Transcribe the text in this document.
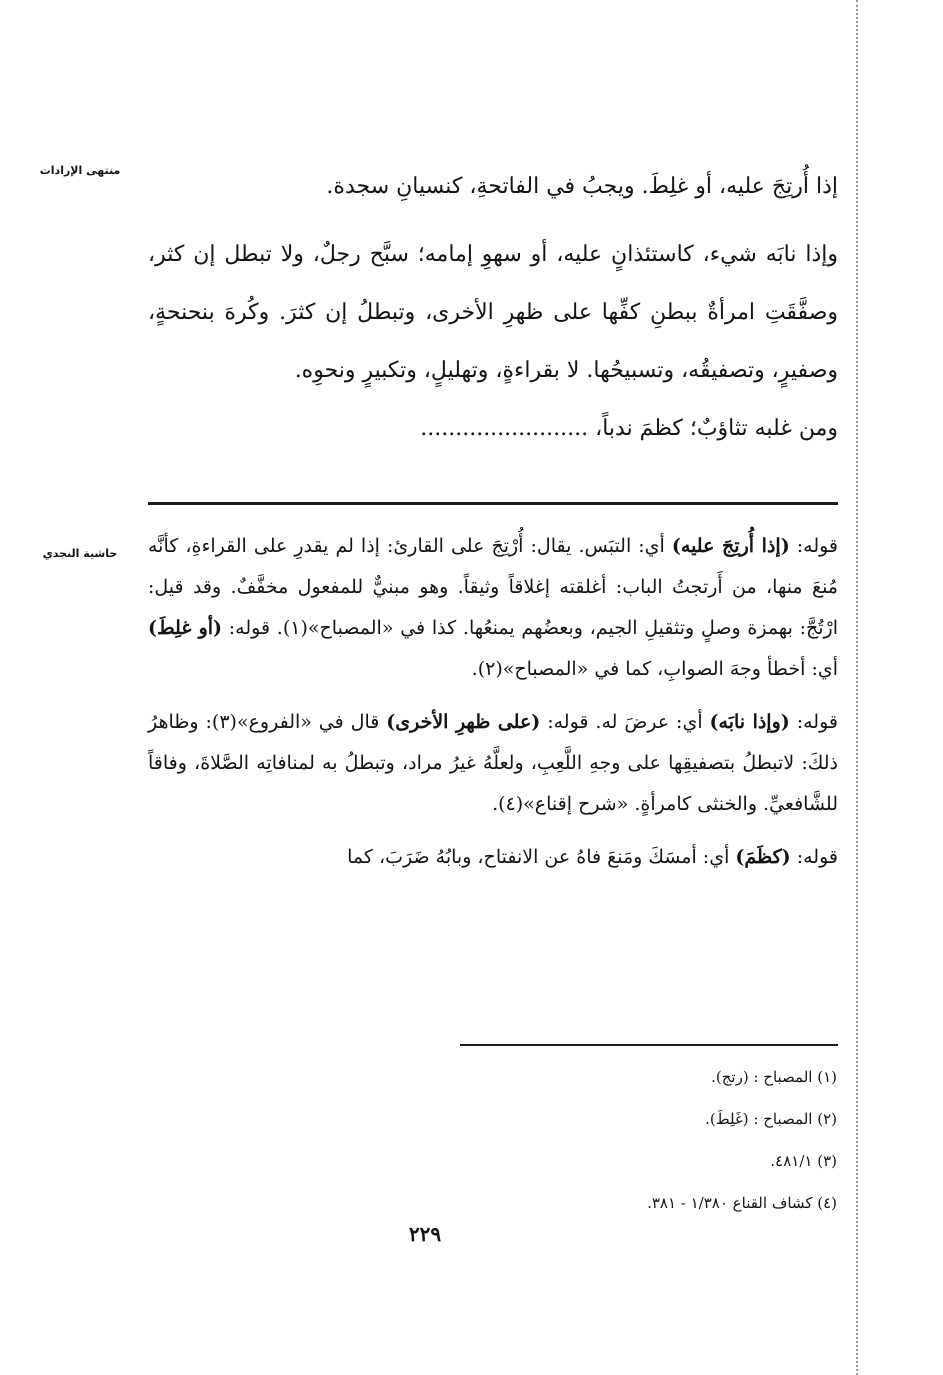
منتهى الإرادات
حاشية النجدي

إذا أُرتِجَ عليه، أو غلِطَ. ويجبُ في الفاتحةِ، كنسيانِ سجدة.

وإذا نابَه شيء، كاستئذانٍ عليه، أو سهوِ إمامه؛ سبَّح رجلٌ، ولا تبطل إن كثر، وصفَّقَتِ امرأةٌ ببطنِ كفِّها على ظهرِ الأخرى، وتبطلُ إن كثرَ. وكُرهَ بنحنحةٍ، وصفيرٍ، وتصفيقُه، وتسبيحُها. لا بقراءةٍ، وتهليلٍ، وتكبيرٍ ونحوِه.

ومن غلبه تثاؤبٌ؛ كظمَ ندباً، ........................

قوله: (إذا أُرتِجَ عليه) أي: التبَس. يقال: أُرْتِجَ على القارئ: إذا لم يقدرِ على القراءةِ، كأنَّه مُنعَ منها، من أَرتجتُ الباب: أغلقته إغلاقاً وثيقاً. وهو مبنيٌّ للمفعول مخفَّفٌ. وقد قيل: ارْتُجَّ: بهمزة وصلٍ وتثقيلِ الجيم، وبعضُهم يمنعُها. كذا في «المصباح»(١). قوله: (أو غلِطَ) أي: أخطأ وجهَ الصوابِ، كما في «المصباح»(٢).

قوله: (وإذا نابَه) أي: عرضَ له. قوله: (على ظهرِ الأخرى) قال في «الفروع»(٣): وظاهرُ ذلكَ: لاتبطلُ بتصفيقِها على وجهِ اللَّعِبِ، ولعلَّهُ غيرُ مراد، وتبطلُ به لمنافاتِه الصَّلاةَ، وفاقاً للشَّافعيِّ. والخنثى كامرأةٍ. «شرح إقناع»(٤).

قوله: (كظَمَ) أي: أمسَكَ ومَنعَ فاهُ عن الانفتاح، وبابُهُ ضَرَبَ، كما

(١) المصباح : (رتج).
(٢) المصباح : (غَلِطَ).
(٣) ٤٨١/١.
(٤) كشاف القناع ١/٣٨٠ - ٣٨١.
٢٢٩
